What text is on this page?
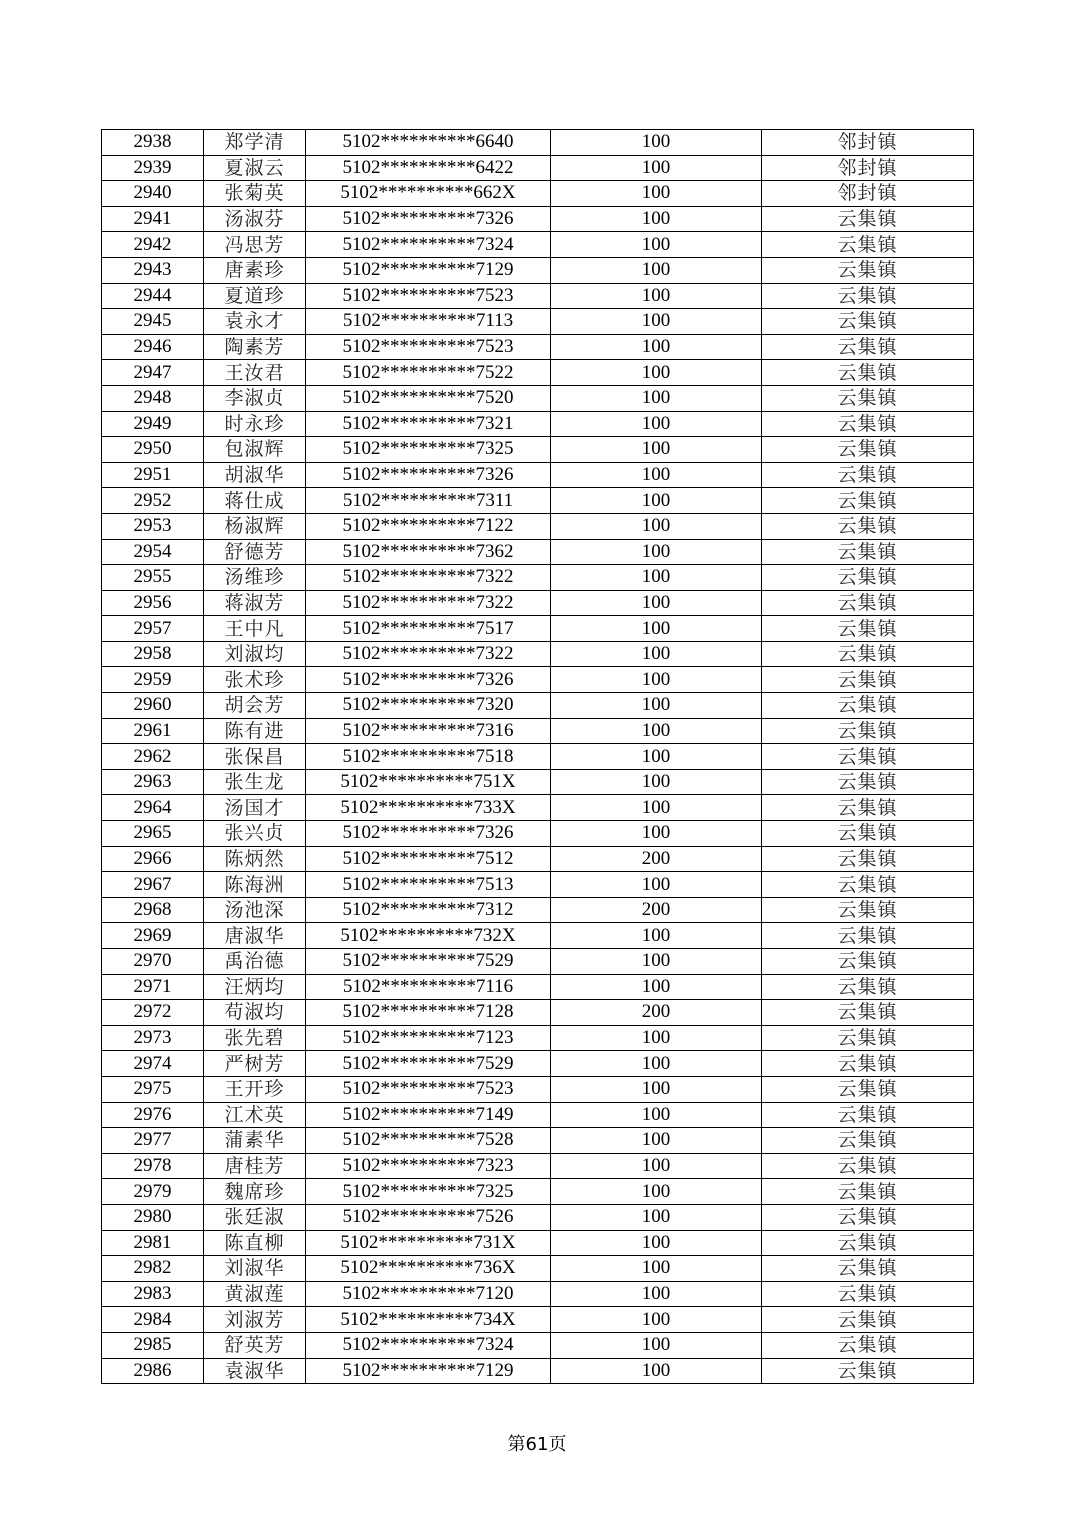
2938	郑学清	5102**********6640	100	邻封镇
2939	夏淑云	5102**********6422	100	邻封镇
2940	张菊英	5102**********662X	100	邻封镇
2941	汤淑芬	5102**********7326	100	云集镇
2942	冯思芳	5102**********7324	100	云集镇
2943	唐素珍	5102**********7129	100	云集镇
2944	夏道珍	5102**********7523	100	云集镇
2945	袁永才	5102**********7113	100	云集镇
2946	陶素芳	5102**********7523	100	云集镇
2947	王汝君	5102**********7522	100	云集镇
2948	李淑贞	5102**********7520	100	云集镇
2949	时永珍	5102**********7321	100	云集镇
2950	包淑辉	5102**********7325	100	云集镇
2951	胡淑华	5102**********7326	100	云集镇
2952	蒋仕成	5102**********7311	100	云集镇
2953	杨淑辉	5102**********7122	100	云集镇
2954	舒德芳	5102**********7362	100	云集镇
2955	汤维珍	5102**********7322	100	云集镇
2956	蒋淑芳	5102**********7322	100	云集镇
2957	王中凡	5102**********7517	100	云集镇
2958	刘淑均	5102**********7322	100	云集镇
2959	张术珍	5102**********7326	100	云集镇
2960	胡会芳	5102**********7320	100	云集镇
2961	陈有进	5102**********7316	100	云集镇
2962	张保昌	5102**********7518	100	云集镇
2963	张生龙	5102**********751X	100	云集镇
2964	汤国才	5102**********733X	100	云集镇
2965	张兴贞	5102**********7326	100	云集镇
2966	陈炳然	5102**********7512	200	云集镇
2967	陈海洲	5102**********7513	100	云集镇
2968	汤池深	5102**********7312	200	云集镇
2969	唐淑华	5102**********732X	100	云集镇
2970	禹治德	5102**********7529	100	云集镇
2971	汪炳均	5102**********7116	100	云集镇
2972	苟淑均	5102**********7128	200	云集镇
2973	张先碧	5102**********7123	100	云集镇
2974	严树芳	5102**********7529	100	云集镇
2975	王开珍	5102**********7523	100	云集镇
2976	江术英	5102**********7149	100	云集镇
2977	蒲素华	5102**********7528	100	云集镇
2978	唐桂芳	5102**********7323	100	云集镇
2979	魏席珍	5102**********7325	100	云集镇
2980	张廷淑	5102**********7526	100	云集镇
2981	陈直柳	5102**********731X	100	云集镇
2982	刘淑华	5102**********736X	100	云集镇
2983	黄淑莲	5102**********7120	100	云集镇
2984	刘淑芳	5102**********734X	100	云集镇
2985	舒英芳	5102**********7324	100	云集镇
2986	袁淑华	5102**********7129	100	云集镇
第61页
